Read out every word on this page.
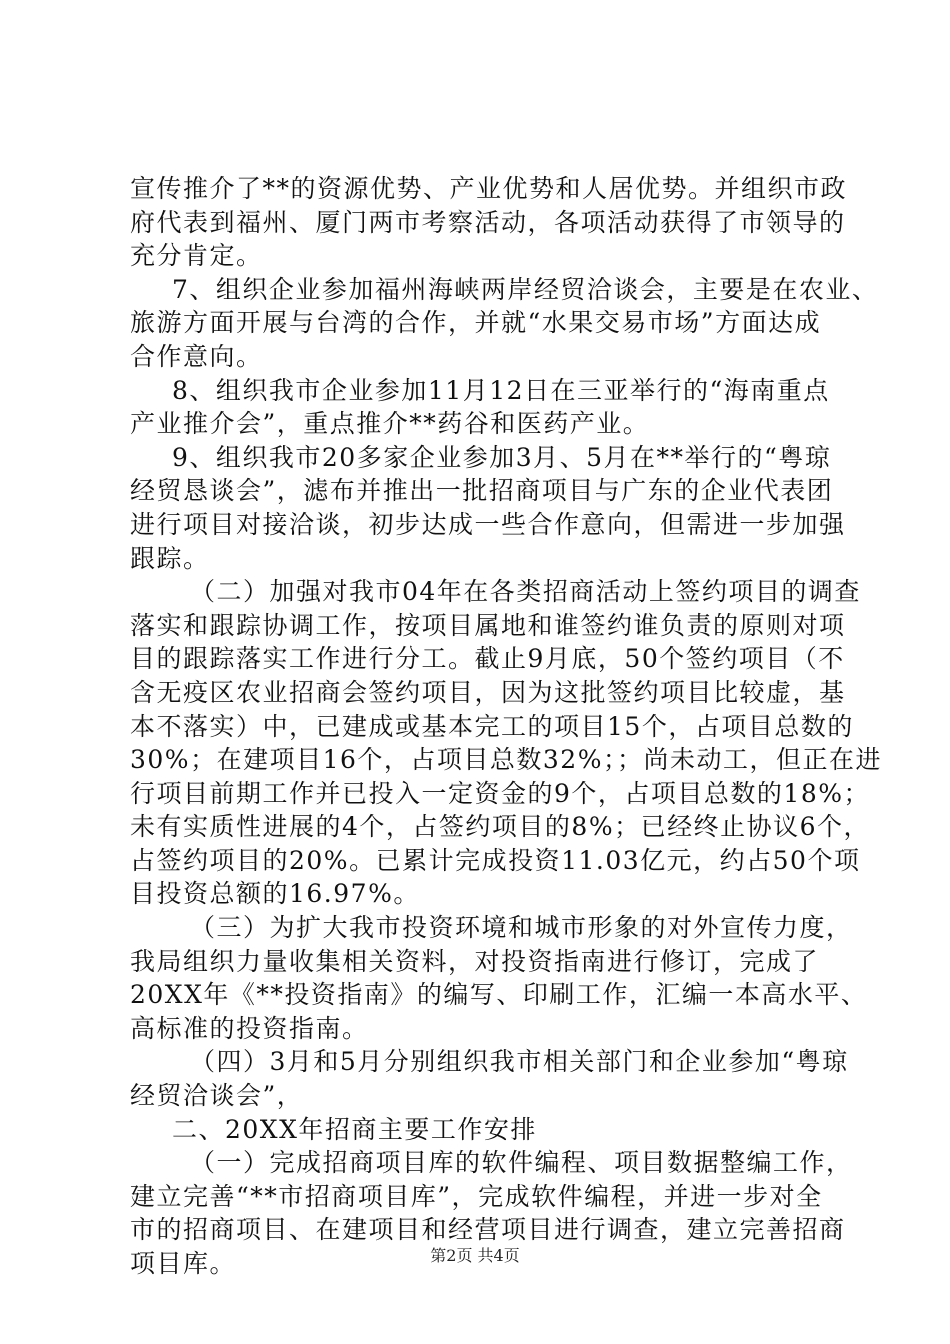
宣传推介了**的资源优势、产业优势和人居优势。并组织市政
府代表到福州、厦门两市考察活动，各项活动获得了市领导的
充分肯定。
7、组织企业参加福州海峡两岸经贸洽谈会，主要是在农业、
旅游方面开展与台湾的合作，并就“水果交易市场”方面达成
合作意向。
8、组织我市企业参加11月12日在三亚举行的“海南重点
产业推介会”，重点推介**药谷和医药产业。
9、组织我市20多家企业参加3月、5月在**举行的“粤琼
经贸恳谈会”，滤布并推出一批招商项目与广东的企业代表团
进行项目对接洽谈，初步达成一些合作意向，但需进一步加强
跟踪。
（二）加强对我市04年在各类招商活动上签约项目的调查
落实和跟踪协调工作，按项目属地和谁签约谁负责的原则对项
目的跟踪落实工作进行分工。截止9月底，50个签约项目（不
含无疫区农业招商会签约项目，因为这批签约项目比较虚，基
本不落实）中，已建成或基本完工的项目15个，占项目总数的
30%；在建项目16个，占项目总数32%；；尚未动工，但正在进
行项目前期工作并已投入一定资金的9个，占项目总数的18%；
未有实质性进展的4个，占签约项目的8%；已经终止协议6个，
占签约项目的20%。已累计完成投资11.03亿元，约占50个项
目投资总额的16.97%。
（三）为扩大我市投资环境和城市形象的对外宣传力度，
我局组织力量收集相关资料，对投资指南进行修订，完成了
20XX年《**投资指南》的编写、印刷工作，汇编一本高水平、
高标准的投资指南。
（四）3月和5月分别组织我市相关部门和企业参加“粤琼
经贸洽谈会”，
二、20XX年招商主要工作安排
（一）完成招商项目库的软件编程、项目数据整编工作，
建立完善“**市招商项目库”，完成软件编程，并进一步对全
市的招商项目、在建项目和经营项目进行调查，建立完善招商
项目库。	第2页 共4页
